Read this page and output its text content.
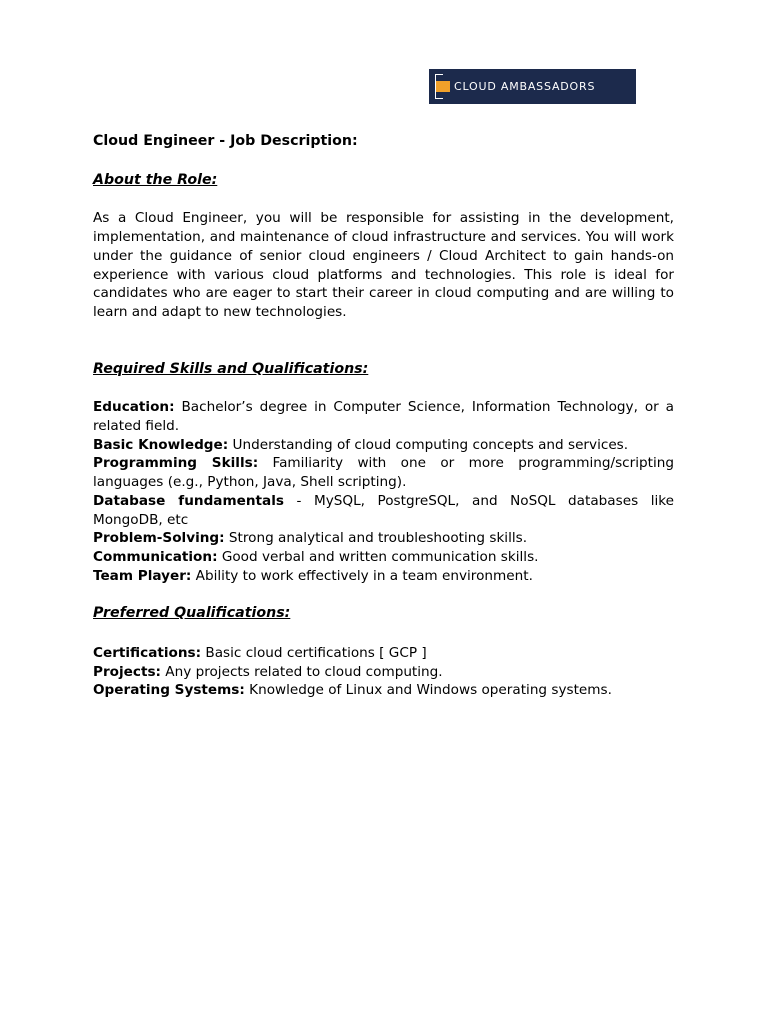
CLOUD AMBASSADORS

Cloud Engineer - Job Description:

About the Role:

As a Cloud Engineer, you will be responsible for assisting in the development, implementation, and maintenance of cloud infrastructure and services. You will work under the guidance of senior cloud engineers / Cloud Architect to gain hands-on experience with various cloud platforms and technologies. This role is ideal for candidates who are eager to start their career in cloud computing and are willing to learn and adapt to new technologies.

Required Skills and Qualifications:

Education: Bachelor’s degree in Computer Science, Information Technology, or a related field.

Basic Knowledge: Understanding of cloud computing concepts and services.

Programming Skills: Familiarity with one or more programming/scripting languages (e.g., Python, Java, Shell scripting).

Database fundamentals - MySQL, PostgreSQL, and NoSQL databases like MongoDB, etc

Problem-Solving: Strong analytical and troubleshooting skills.

Communication: Good verbal and written communication skills.

Team Player: Ability to work effectively in a team environment.

Preferred Qualifications:

Certifications: Basic cloud certifications [ GCP ]

Projects: Any projects related to cloud computing.

Operating Systems: Knowledge of Linux and Windows operating systems.
